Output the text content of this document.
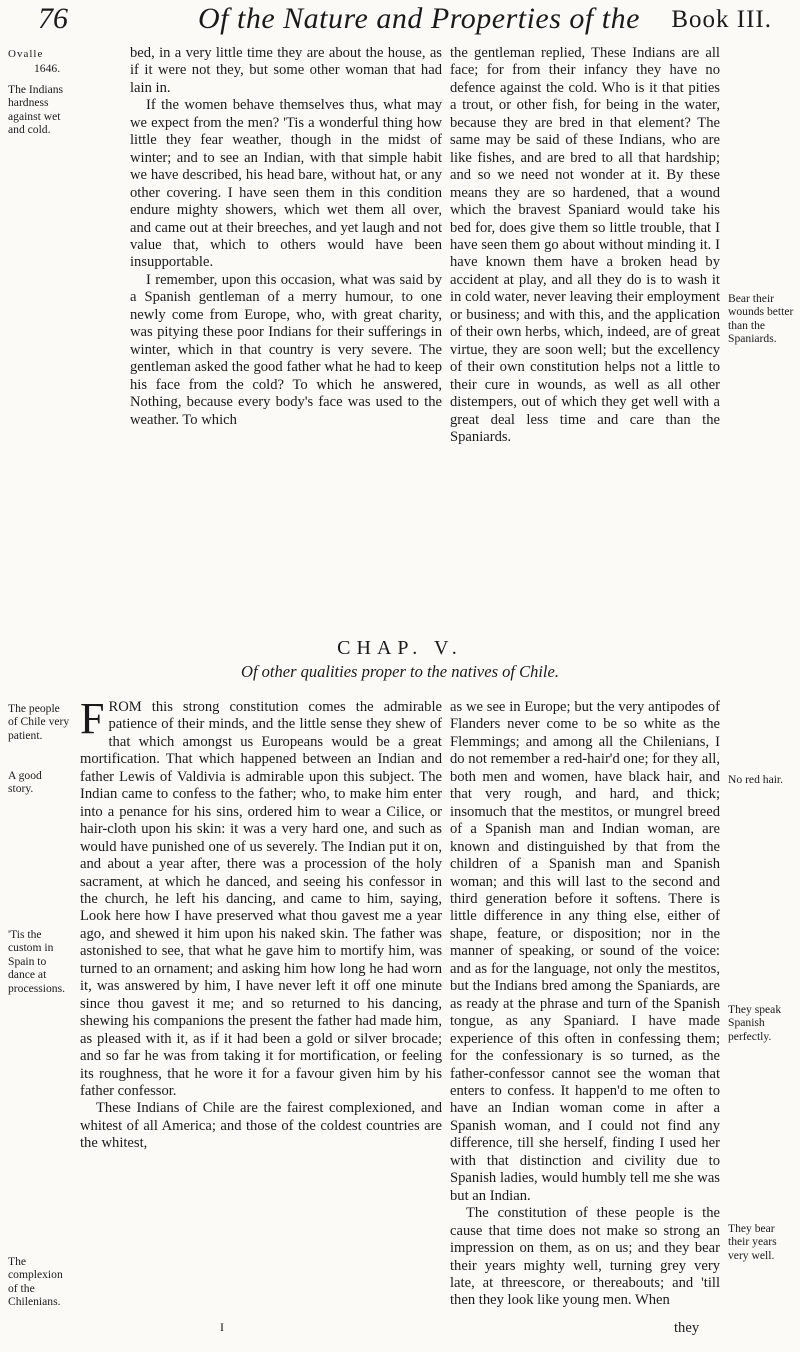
76	Of the Nature and Properties of the Book III.
Ovalle
1646.
The Indians hardness against wet and cold.
Bear their wounds better than the Spaniards.

bed, in a very little time they are about the house, as if it were not they, but some other woman that had lain in.

If the women behave themselves thus, what may we expect from the men? 'Tis a wonderful thing how little they fear weather, though in the midst of winter; and to see an Indian, with that simple habit we have described, his head bare, without hat, or any other covering. I have seen them in this condition endure mighty showers, which wet them all over, and came out at their breeches, and yet laugh and not value that, which to others would have been insupportable.

I remember, upon this occasion, what was said by a Spanish gentleman of a merry humour, to one newly come from Europe, who, with great charity, was pitying these poor Indians for their sufferings in winter, which in that country is very severe. The gentleman asked the good father what he had to keep his face from the cold? To which he answered, Nothing, because every body's face was used to the weather. To which

the gentleman replied, These Indians are all face; for from their infancy they have no defence against the cold. Who is it that pities a trout, or other fish, for being in the water, because they are bred in that element? The same may be said of these Indians, who are like fishes, and are bred to all that hardship; and so we need not wonder at it. By these means they are so hardened, that a wound which the bravest Spaniard would take his bed for, does give them so little trouble, that I have seen them go about without minding it. I have known them have a broken head by accident at play, and all they do is to wash it in cold water, never leaving their employment or business; and with this, and the application of their own herbs, which, indeed, are of great virtue, they are soon well; but the excellency of their own constitution helps not a little to their cure in wounds, as well as all other distempers, out of which they get well with a great deal less time and care than the Spaniards.

CHAP. V.
Of other qualities proper to the natives of Chile.
The people of Chile very patient.
A good story.
'Tis the custom in Spain to dance at processions.
The complexion of the Chilenians.
No red hair.
They speak Spanish perfectly.
They bear their years very well.

FROM this strong constitution comes the admirable patience of their minds, and the little sense they shew of that which amongst us Europeans would be a great mortification. That which happened between an Indian and father Lewis of Valdivia is admirable upon this subject. The Indian came to confess to the father; who, to make him enter into a penance for his sins, ordered him to wear a Cilice, or hair-cloth upon his skin: it was a very hard one, and such as would have punished one of us severely. The Indian put it on, and about a year after, there was a procession of the holy sacrament, at which he danced, and seeing his confessor in the church, he left his dancing, and came to him, saying, Look here how I have preserved what thou gavest me a year ago, and shewed it him upon his naked skin. The father was astonished to see, that what he gave him to mortify him, was turned to an ornament; and asking him how long he had worn it, was answered by him, I have never left it off one minute since thou gavest it me; and so returned to his dancing, shewing his companions the present the father had made him, as pleased with it, as if it had been a gold or silver brocade; and so far he was from taking it for mortification, or feeling its roughness, that he wore it for a favour given him by his father confessor.

These Indians of Chile are the fairest complexioned, and whitest of all America; and those of the coldest countries are the whitest,

as we see in Europe; but the very antipodes of Flanders never come to be so white as the Flemmings; and among all the Chilenians, I do not remember a red-hair'd one; for they all, both men and women, have black hair, and that very rough, and hard, and thick; insomuch that the mestitos, or mungrel breed of a Spanish man and Indian woman, are known and distinguished by that from the children of a Spanish man and Spanish woman; and this will last to the second and third generation before it softens. There is little difference in any thing else, either of shape, feature, or disposition; nor in the manner of speaking, or sound of the voice: and as for the language, not only the mestitos, but the Indians bred among the Spaniards, are as ready at the phrase and turn of the Spanish tongue, as any Spaniard. I have made experience of this often in confessing them; for the confessionary is so turned, as the father-confessor cannot see the woman that enters to confess. It happen'd to me often to have an Indian woman come in after a Spanish woman, and I could not find any difference, till she herself, finding I used her with that distinction and civility due to Spanish ladies, would humbly tell me she was but an Indian.

The constitution of these people is the cause that time does not make so strong an impression on them, as on us; and they bear their years mighty well, turning grey very late, at threescore, or thereabouts; and 'till then they look like young men. When

I	they
